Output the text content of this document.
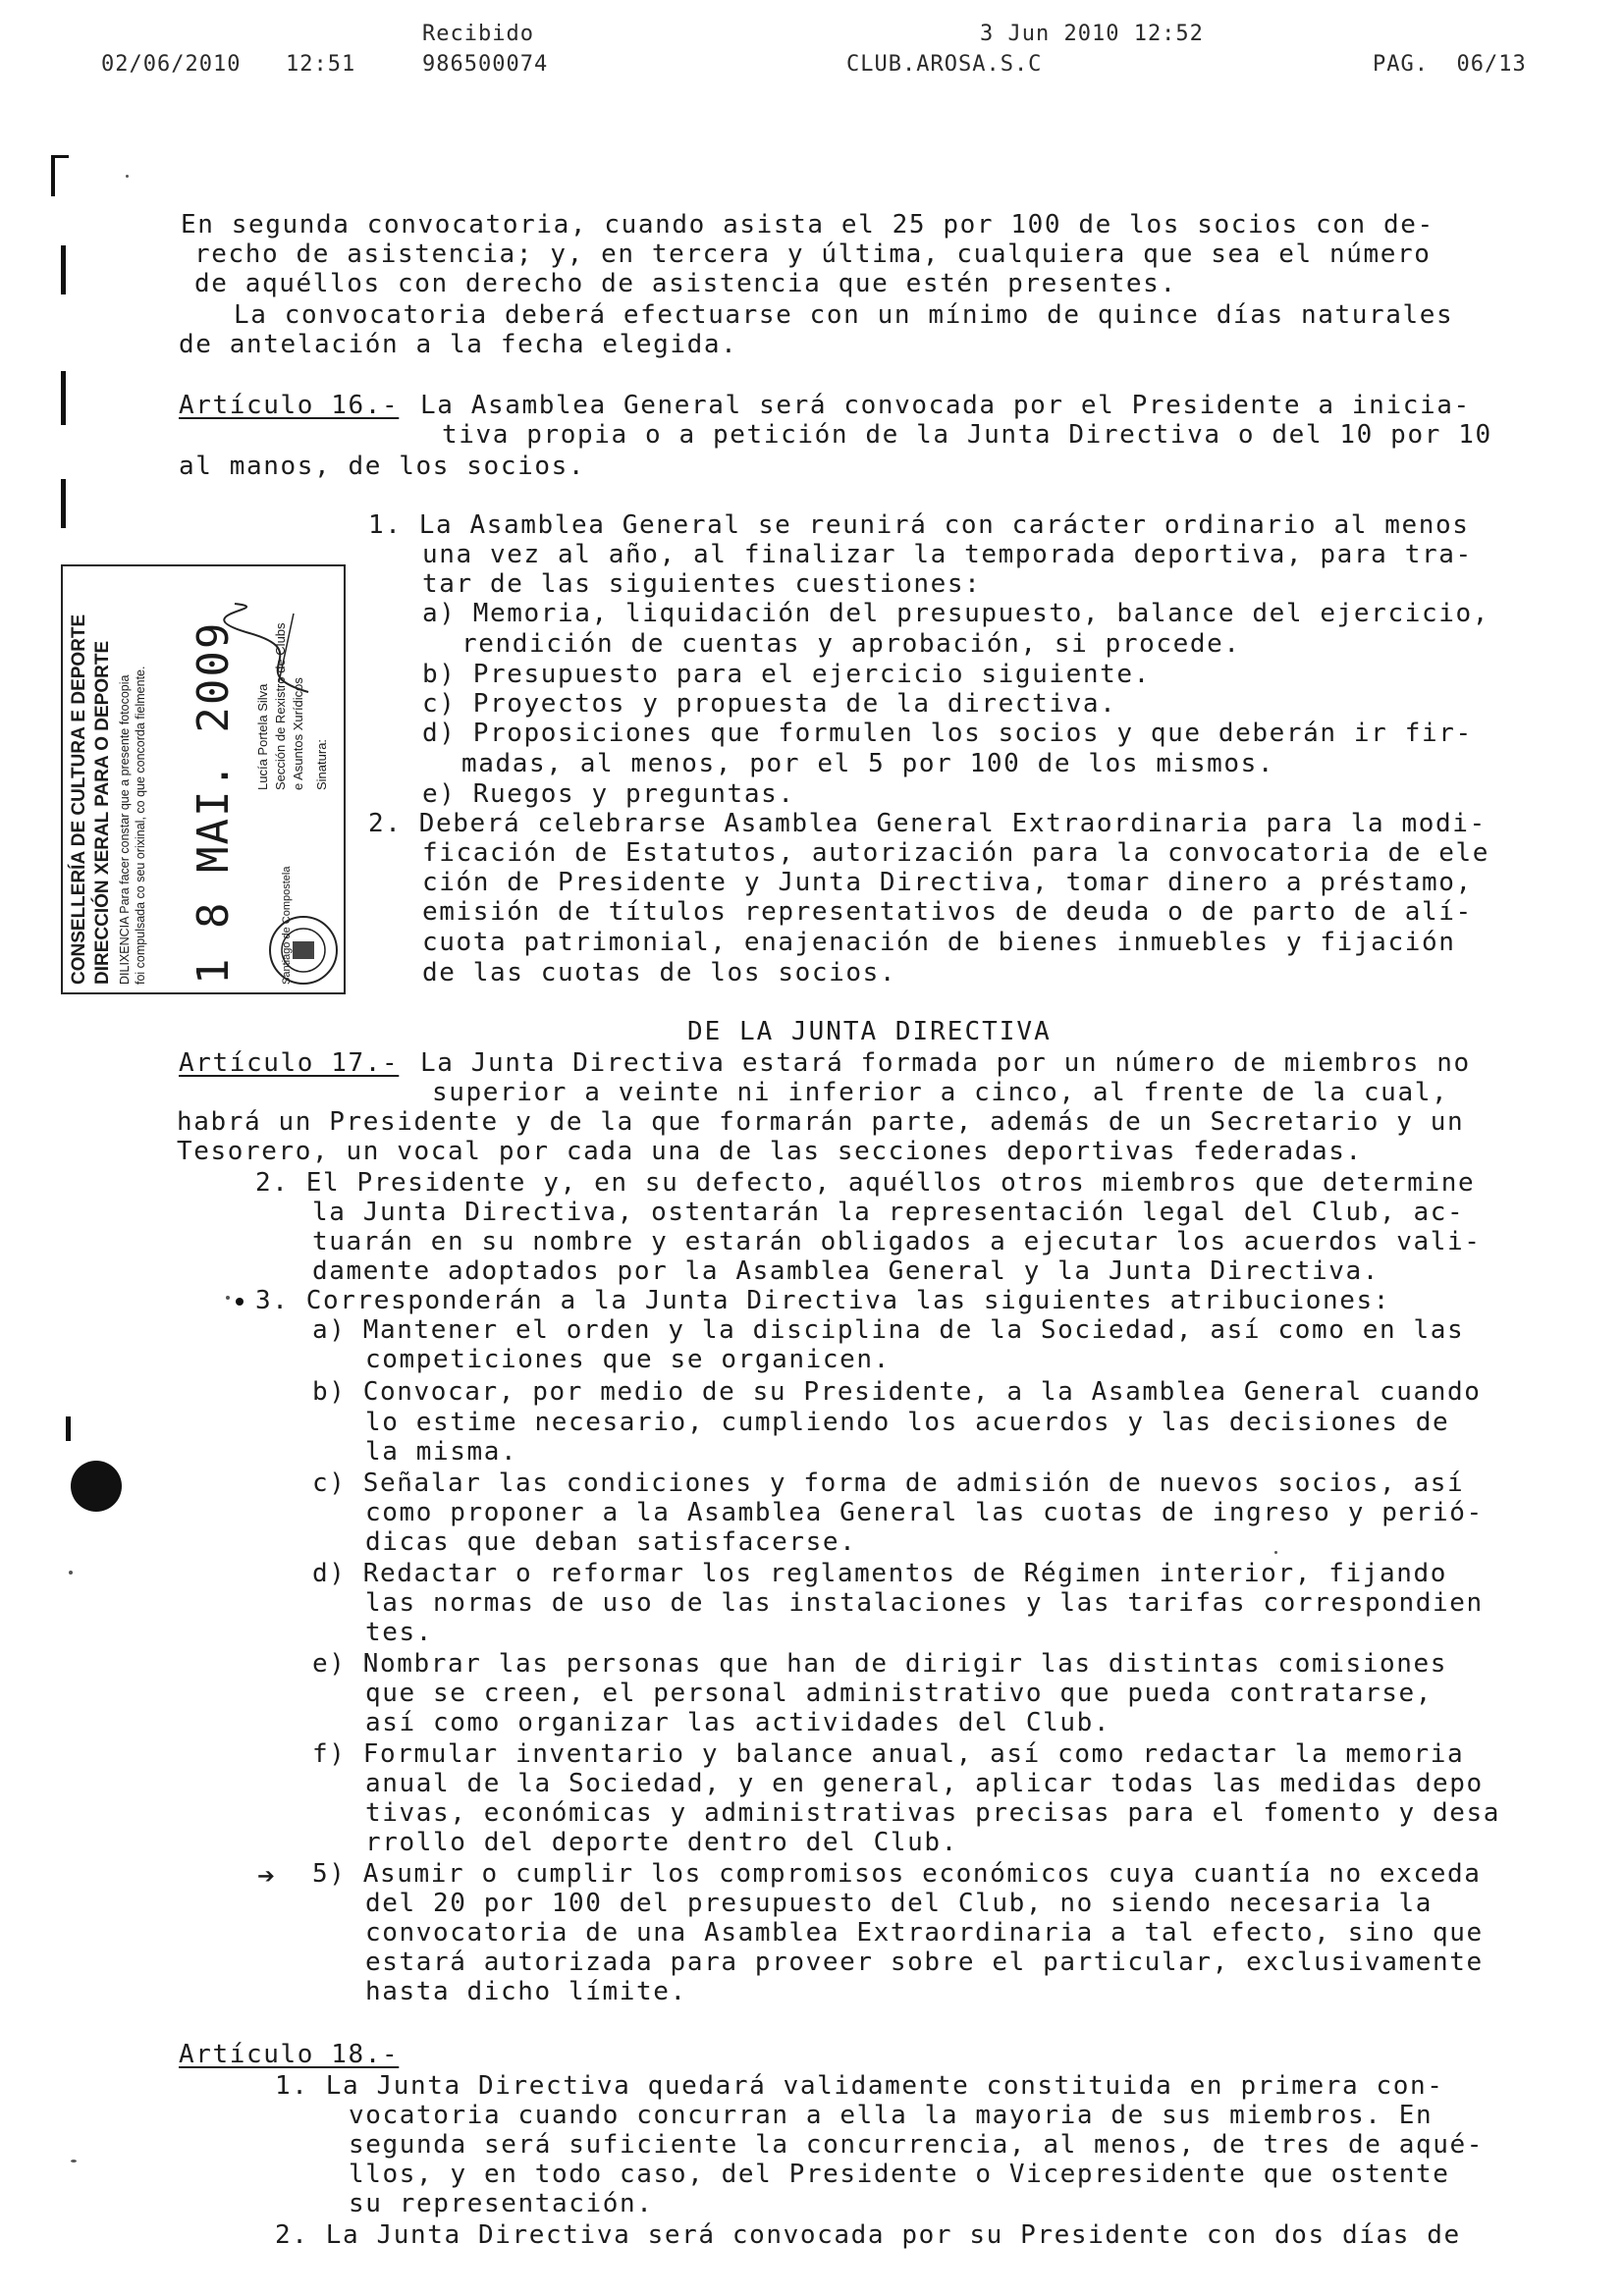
Recibido	3 Jun 2010 12:52
02/06/2010 12:51	986500074	CLUB.AROSA.S.C	PAG.  06/13
CONSELLERÍA DE CULTURA E DEPORTE DIRECCIÓN XERAL PARA O DEPORTE DILIXENCIA Para facer constar que a presente fotocopia foi compulsada co seu orixinal, co que concorda fielmente. 1 8 MAI. 2009	Santiago de Compostela
Lucía Portela Silva Sección de Rexistro de Clubs e Asuntos Xurídicos Sinatura:
En segunda convocatoria, cuando asista el 25 por 100 de los socios con de-
recho de asistencia; y, en tercera y última, cualquiera que sea el número
de aquéllos con derecho de asistencia que estén presentes.
La convocatoria deberá efectuarse con un mínimo de quince días naturales
de antelación a la fecha elegida.
Artículo 16.- La Asamblea General será convocada por el Presidente a inicia-
tiva propia o a petición de la Junta Directiva o del 10 por 10
al manos, de los socios.
1. La Asamblea General se reunirá con carácter ordinario al menos
una vez al año, al finalizar la temporada deportiva, para tra-
tar de las siguientes cuestiones:
a) Memoria, liquidación del presupuesto, balance del ejercicio,
rendición de cuentas y aprobación, si procede.
b) Presupuesto para el ejercicio siguiente.
c) Proyectos y propuesta de la directiva.
d) Proposiciones que formulen los socios y que deberán ir fir-
madas, al menos, por el 5 por 100 de los mismos.
e) Ruegos y preguntas.
2. Deberá celebrarse Asamblea General Extraordinaria para la modi-
ficación de Estatutos, autorización para la convocatoria de ele
ción de Presidente y Junta Directiva, tomar dinero a préstamo,
emisión de títulos representativos de deuda o de parto de alí-
cuota patrimonial, enajenación de bienes inmuebles y fijación
de las cuotas de los socios.
DE LA JUNTA DIRECTIVA
Artículo 17.- La Junta Directiva estará formada por un número de miembros no
superior a veinte ni inferior a cinco, al frente de la cual,
habrá un Presidente y de la que formarán parte, además de un Secretario y un
Tesorero, un vocal por cada una de las secciones deportivas federadas.
2. El Presidente y, en su defecto, aquéllos otros miembros que determine
la Junta Directiva, ostentarán la representación legal del Club, ac-
tuarán en su nombre y estarán obligados a ejecutar los acuerdos vali-
damente adoptados por la Asamblea General y la Junta Directiva.
3. Corresponderán a la Junta Directiva las siguientes atribuciones:
a) Mantener el orden y la disciplina de la Sociedad, así como en las
competiciones que se organicen.
b) Convocar, por medio de su Presidente, a la Asamblea General cuando
lo estime necesario, cumpliendo los acuerdos y las decisiones de
la misma.
c) Señalar las condiciones y forma de admisión de nuevos socios, así
como proponer a la Asamblea General las cuotas de ingreso y perió-
dicas que deban satisfacerse.
d) Redactar o reformar los reglamentos de Régimen interior, fijando
las normas de uso de las instalaciones y las tarifas correspondien
tes.
e) Nombrar las personas que han de dirigir las distintas comisiones
que se creen, el personal administrativo que pueda contratarse,
así como organizar las actividades del Club.
f) Formular inventario y balance anual, así como redactar la memoria
anual de la Sociedad, y en general, aplicar todas las medidas depo
tivas, económicas y administrativas precisas para el fomento y desa
rrollo del deporte dentro del Club.
➔ 5) Asumir o cumplir los compromisos económicos cuya cuantía no exceda
del 20 por 100 del presupuesto del Club, no siendo necesaria la
convocatoria de una Asamblea Extraordinaria a tal efecto, sino que
estará autorizada para proveer sobre el particular, exclusivamente
hasta dicho límite.
Artículo 18.-
1. La Junta Directiva quedará validamente constituida en primera con-
vocatoria cuando concurran a ella la mayoria de sus miembros. En
segunda será suficiente la concurrencia, al menos, de tres de aqué-
llos, y en todo caso, del Presidente o Vicepresidente que ostente
su representación.
2. La Junta Directiva será convocada por su Presidente con dos días de
